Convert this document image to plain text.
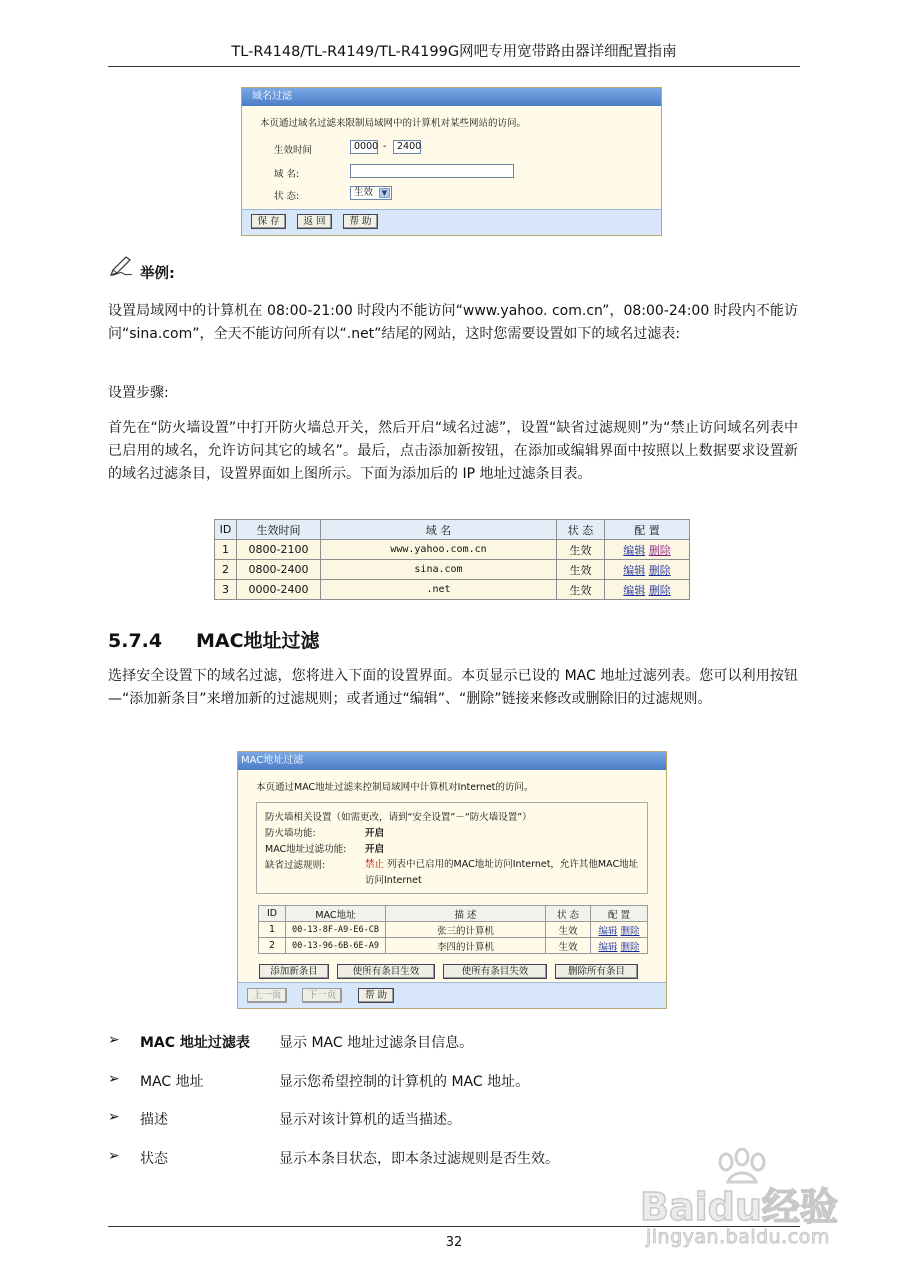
TL-R4148/TL-R4149/TL-R4199G网吧专用宽带路由器详细配置指南
域名过滤
本页通过域名过滤来限制局域网中的计算机对某些网站的访问。
生效时间	0000 -	2400
域 名:
状 态:	生效	▼
保 存	返 回	帮 助
举例:
设置局域网中的计算机在 08:00-21:00 时段内不能访问“www.yahoo. com.cn”，08:00-24:00 时段内不能访问“sina.com”，全天不能访问所有以“.net”结尾的网站，这时您需要设置如下的域名过滤表:
设置步骤:
首先在“防火墙设置”中打开防火墙总开关，然后开启“域名过滤”，设置“缺省过滤规则”为“禁止访问域名列表中已启用的域名，允许访问其它的域名”。最后，点击添加新按钮，在添加或编辑界面中按照以上数据要求设置新的域名过滤条目，设置界面如上图所示。下面为添加后的 IP 地址过滤条目表。
ID	生效时间	域 名	状 态	配 置
1	0800-2100	www.yahoo.com.cn	生效	编辑 删除
2	0800-2400	sina.com	生效	编辑 删除
3	0000-2400	.net	生效	编辑 删除
5.7.4 MAC地址过滤
选择安全设置下的域名过滤，您将进入下面的设置界面。本页显示已设的 MAC 地址过滤列表。您可以利用按钮—“添加新条目”来增加新的过滤规则；或者通过“编辑”、“删除”链接来修改或删除旧的过滤规则。
MAC地址过滤
本页通过MAC地址过滤来控制局域网中计算机对Internet的访问。
防火墙相关设置（如需更改，请到“安全设置”－“防火墙设置”）
防火墙功能:	开启
MAC地址过滤功能: 开启
缺省过滤规则:	禁止 列表中已启用的MAC地址访问Internet，允许其他MAC地址
访问Internet
ID	MAC地址	描 述	状 态	配 置
1	00-13-8F-A9-E6-CB	张三的计算机	生效	编辑 删除
2	00-13-96-6B-6E-A9	李四的计算机	生效	编辑 删除
添加新条目	使所有条目生效	使所有条目失效	删除所有条目
上一页	下一页	帮 助
➢ MAC 地址过滤表 显示 MAC 地址过滤条目信息。
➢ MAC 地址	显示您希望控制的计算机的 MAC 地址。
➢ 描述	显示对该计算机的适当描述。
➢ 状态	显示本条目状态，即本条过滤规则是否生效。
Baidu经验
jingyan.baidu.com
32
